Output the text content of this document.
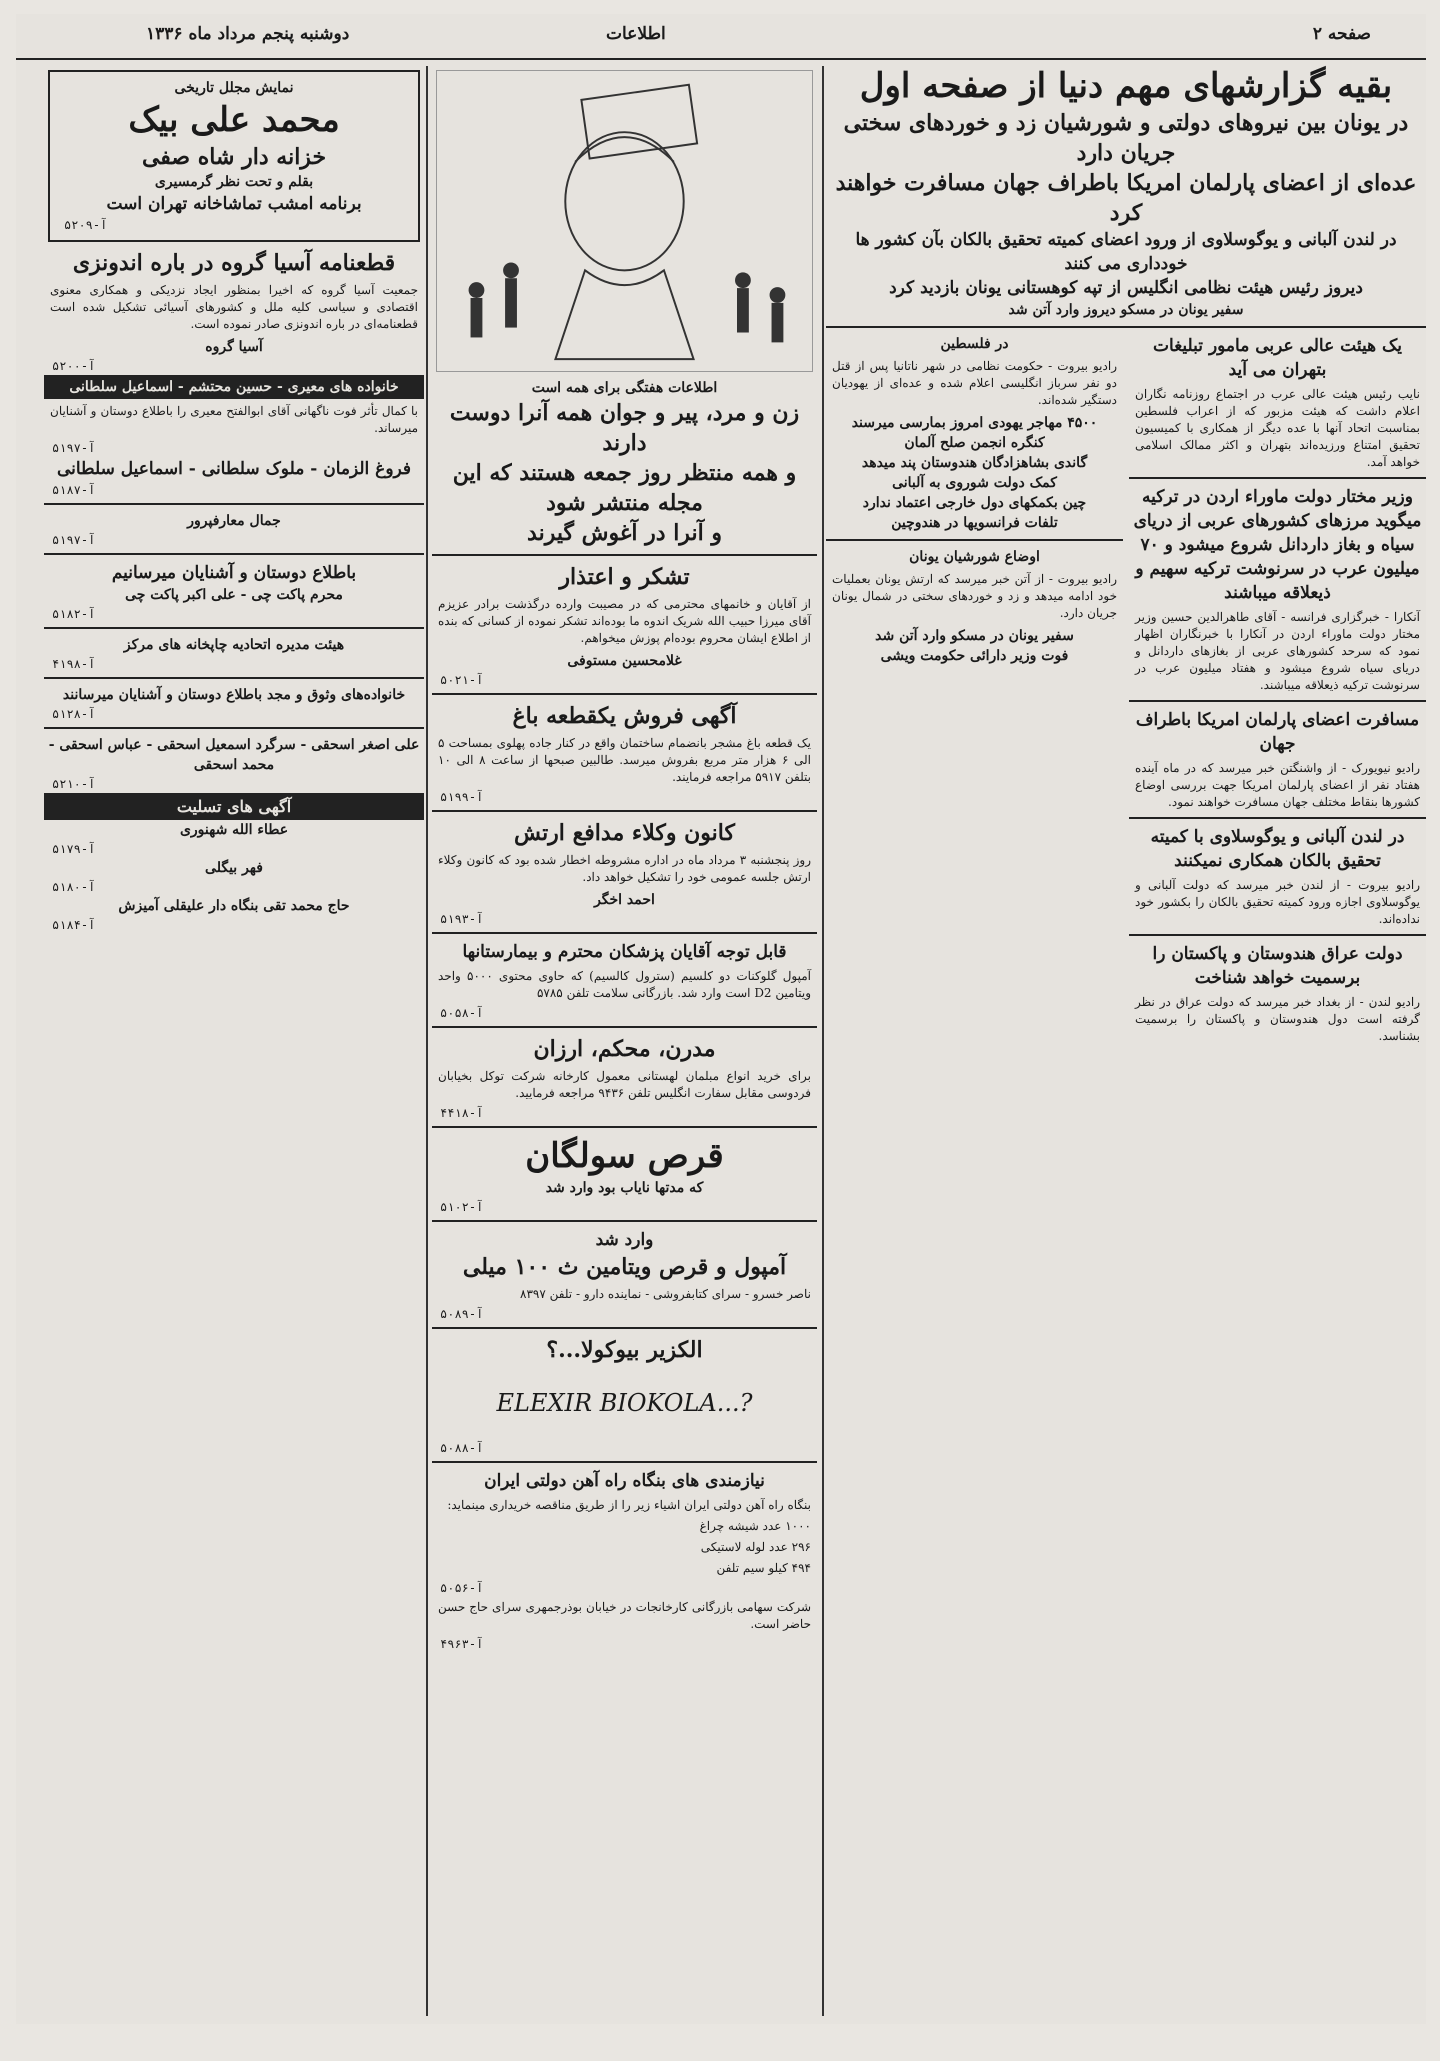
دوشنبه پنجم مرداد ماه ۱۳۳۶	اطلاعات	صفحه ۲
بقیه گزارشهای مهم دنیا از صفحه اول

در یونان بین نیروهای دولتی و شورشیان زد و خوردهای سختی جریان دارد

عده‌ای از اعضای پارلمان امریکا باطراف جهان مسافرت خواهند کرد

در لندن آلبانی و یوگوسلاوی از ورود اعضای کمیته تحقیق بالکان بآن کشور ها خودداری می کنند

دیروز رئیس هیئت نظامی انگلیس از تپه کوهستانی یونان بازدید کرد

سفیر یونان در مسکو دیروز وارد آتن شد

یک هیئت عالی عربی مامور تبلیغات بتهران می آید

نایب رئیس هیئت عالی عرب در اجتماع روزنامه نگاران اعلام داشت که هیئت مزبور که از اعراب فلسطین بمناسبت اتحاد آنها با عده دیگر از همکاری با کمیسیون تحقیق امتناع ورزیده‌اند بتهران و اکثر ممالک اسلامی خواهد آمد.

وزیر مختار دولت ماوراء اردن در ترکیه میگوید مرزهای کشورهای عربی از دریای سیاه و بغاز داردانل شروع میشود و ۷۰ میلیون عرب در سرنوشت ترکیه سهیم و ذیعلاقه میباشند

آنکارا - خبرگزاری فرانسه - آقای طاهرالدین حسین وزیر مختار دولت ماوراء اردن در آنکارا با خبرنگاران اظهار نمود که سرحد کشورهای عربی از بغازهای داردانل و دریای سیاه شروع میشود و هفتاد میلیون عرب در سرنوشت ترکیه ذیعلاقه میباشند.

مسافرت اعضای پارلمان امریکا باطراف جهان

رادیو نیویورک - از واشنگتن خبر میرسد که در ماه آینده هفتاد نفر از اعضای پارلمان امریکا جهت بررسی اوضاع کشورها بنقاط مختلف جهان مسافرت خواهند نمود.

در لندن آلبانی و یوگوسلاوی با کمیته تحقیق بالکان همکاری نمیکنند

رادیو بیروت - از لندن خبر میرسد که دولت آلبانی و یوگوسلاوی اجازه ورود کمیته تحقیق بالکان را بکشور خود نداده‌اند.

دولت عراق هندوستان و پاکستان را برسمیت خواهد شناخت

رادیو لندن - از بغداد خبر میرسد که دولت عراق در نظر گرفته است دول هندوستان و پاکستان را برسمیت بشناسد.

در فلسطین

رادیو بیروت - حکومت نظامی در شهر ناتانیا پس از قتل دو نفر سرباز انگلیسی اعلام شده و عده‌ای از یهودیان دستگیر شده‌اند.

۴۵۰۰ مهاجر یهودی امروز بمارسی میرسند

کنگره انجمن صلح آلمان

گاندی بشاهزادگان هندوستان پند میدهد

کمک دولت شوروی به آلبانی

چین بکمکهای دول خارجی اعتماد ندارد

تلفات فرانسویها در هندوچین

اوضاع شورشیان یونان

رادیو بیروت - از آتن خبر میرسد که ارتش یونان بعملیات خود ادامه میدهد و زد و خوردهای سختی در شمال یونان جریان دارد.

سفیر یونان در مسکو وارد آتن شد

فوت وزیر دارائی حکومت ویشی

اطلاعات هفتگی برای همه است

زن و مرد، پیر و جوان همه آنرا دوست دارند

و همه منتظر روز جمعه هستند که این مجله منتشر شود

و آنرا در آغوش گیرند

تشکر و اعتذار

از آقایان و خانمهای محترمی که در مصیبت وارده درگذشت برادر عزیزم آقای میرزا حبیب الله شریک اندوه ما بوده‌اند تشکر نموده از کسانی که بنده از اطلاع ایشان محروم بوده‌ام پوزش میخواهم.

غلامحسین مستوفی

آ-۵۰۲۱

آگهی فروش یکقطعه باغ

یک قطعه باغ مشجر بانضمام ساختمان واقع در کنار جاده پهلوی بمساحت ۵ الی ۶ هزار متر مربع بفروش میرسد. طالبین صبحها از ساعت ۸ الی ۱۰ بتلفن ۵۹۱۷ مراجعه فرمایند.

آ-۵۱۹۹

کانون وکلاء مدافع ارتش

روز پنجشنبه ۳ مرداد ماه در اداره مشروطه اخطار شده بود که کانون وکلاء ارتش جلسه عمومی خود را تشکیل خواهد داد.

احمد اخگر

آ-۵۱۹۳

قابل توجه آقایان پزشکان محترم و بیمارستانها

آمپول گلوکنات دو کلسیم (سترول کالسیم) که حاوی محتوی ۵۰۰۰ واحد ویتامین D2 است وارد شد. بازرگانی سلامت تلفن ۵۷۸۵

آ-۵۰۵۸

مدرن، محکم، ارزان

برای خرید انواع مبلمان لهستانی معمول کارخانه شرکت توکل بخیابان فردوسی مقابل سفارت انگلیس تلفن ۹۴۳۶ مراجعه فرمایید.

آ-۴۴۱۸

قرص سولگان

که مدتها نایاب بود وارد شد

آ-۵۱۰۲

وارد شد

آمپول و قرص ویتامین ث ۱۰۰ میلی

ناصر خسرو - سرای کتابفروشی - نماینده دارو - تلفن ۸۳۹۷

آ-۵۰۸۹

الکزیر بیوکولا...؟

ELEXIR BIOKOLA...?

آ-۵۰۸۸

نیازمندی های بنگاه راه آهن دولتی ایران

بنگاه راه آهن دولتی ایران اشیاء زیر را از طریق مناقصه خریداری مینماید:

۱۰۰۰ عدد شیشه چراغ

۲۹۶ عدد لوله لاستیکی

۴۹۴ کیلو سیم تلفن

آ-۵۰۵۶

شرکت سهامی بازرگانی کارخانجات در خیابان بوذرجمهری سرای حاج حسن حاضر است.

آ-۴۹۶۳

نمایش مجلل تاریخی

محمد علی بیک

خزانه دار شاه صفی

بقلم و تحت نظر گرمسیری

برنامه امشب تماشاخانه تهران است

آ-۵۲۰۹

قطعنامه آسیا گروه در باره اندونزی

جمعیت آسیا گروه که اخیرا بمنظور ایجاد نزدیکی و همکاری معنوی اقتصادی و سیاسی کلیه ملل و کشورهای آسیائی تشکیل شده است قطعنامه‌ای در باره اندونزی صادر نموده است.

آسیا گروه

آ-۵۲۰۰
خانواده های معیری - حسین محتشم - اسماعیل سلطانی

با کمال تأثر فوت ناگهانی آقای ابوالفتح معیری را باطلاع دوستان و آشنایان میرساند.

آ-۵۱۹۷

فروغ الزمان - ملوک سلطانی - اسماعیل سلطانی

آ-۵۱۸۷

جمال معارفپرور

آ-۵۱۹۷

باطلاع دوستان و آشنایان میرسانیم

محرم پاکت چی - علی اکبر پاکت چی

آ-۵۱۸۲

هیئت مدیره اتحادیه چاپخانه های مرکز

آ-۴۱۹۸

خانواده‌های وثوق و مجد باطلاع دوستان و آشنایان میرسانند

آ-۵۱۲۸

علی اصغر اسحقی - سرگرد اسمعیل اسحقی - عباس اسحقی - محمد اسحقی

آ-۵۲۱۰
آگهی های تسلیت

عطاء الله شهنوری

آ-۵۱۷۹

فهر بیگلی

آ-۵۱۸۰

حاج محمد تقی بنگاه دار علیقلی آمیزش

آ-۵۱۸۴
